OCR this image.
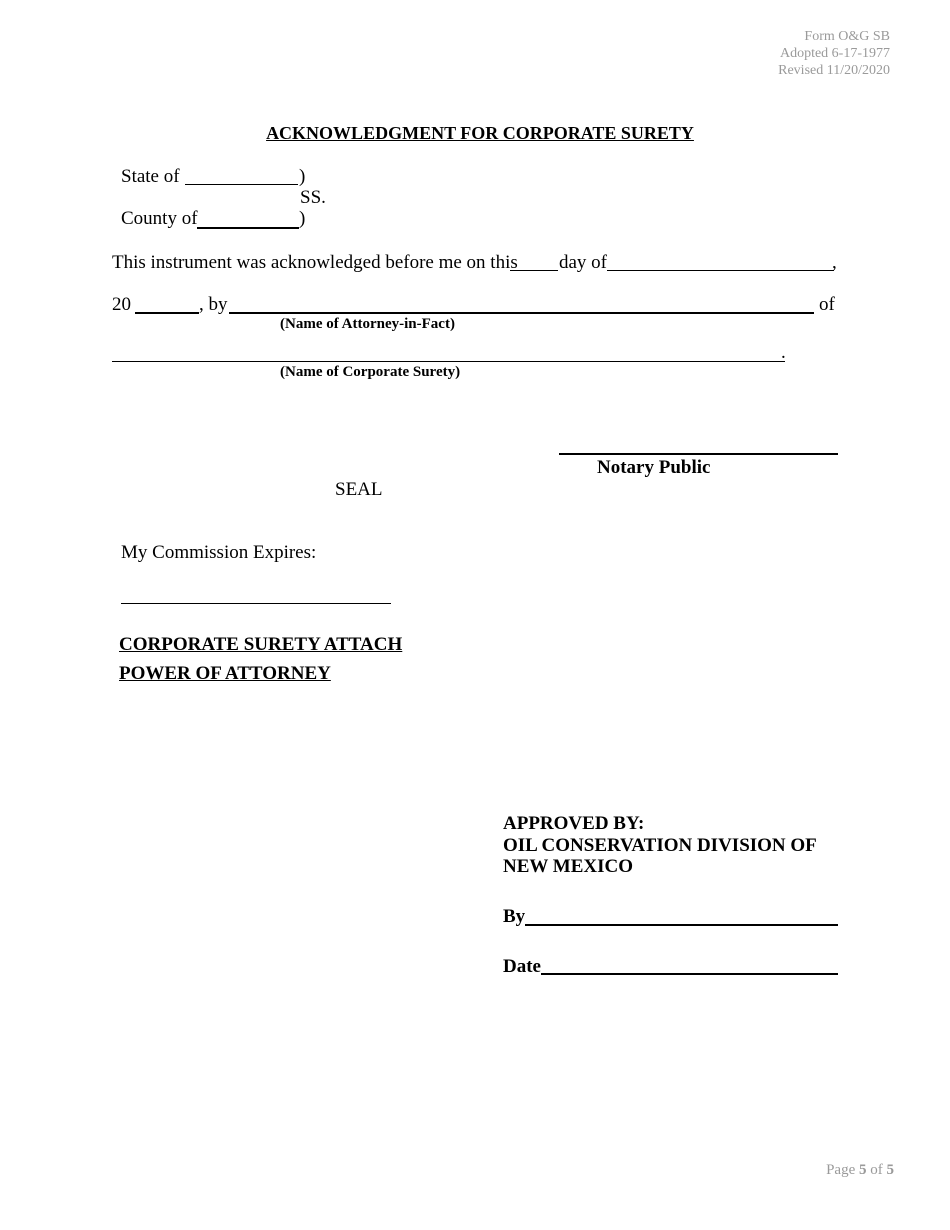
Form O&G SB
Adopted 6-17-1977
Revised 11/20/2020
ACKNOWLEDGMENT FOR CORPORATE SURETY
State of	)
SS.
County of	)
This instrument was acknowledged before me on this day of	,
20	, by	of
(Name of Attorney-in-Fact)
.
(Name of Corporate Surety)
Notary Public
SEAL
My Commission Expires:
CORPORATE SURETY ATTACH
POWER OF ATTORNEY
APPROVED BY:
OIL CONSERVATION DIVISION OF
NEW MEXICO
By
Date
Page 5 of 5
